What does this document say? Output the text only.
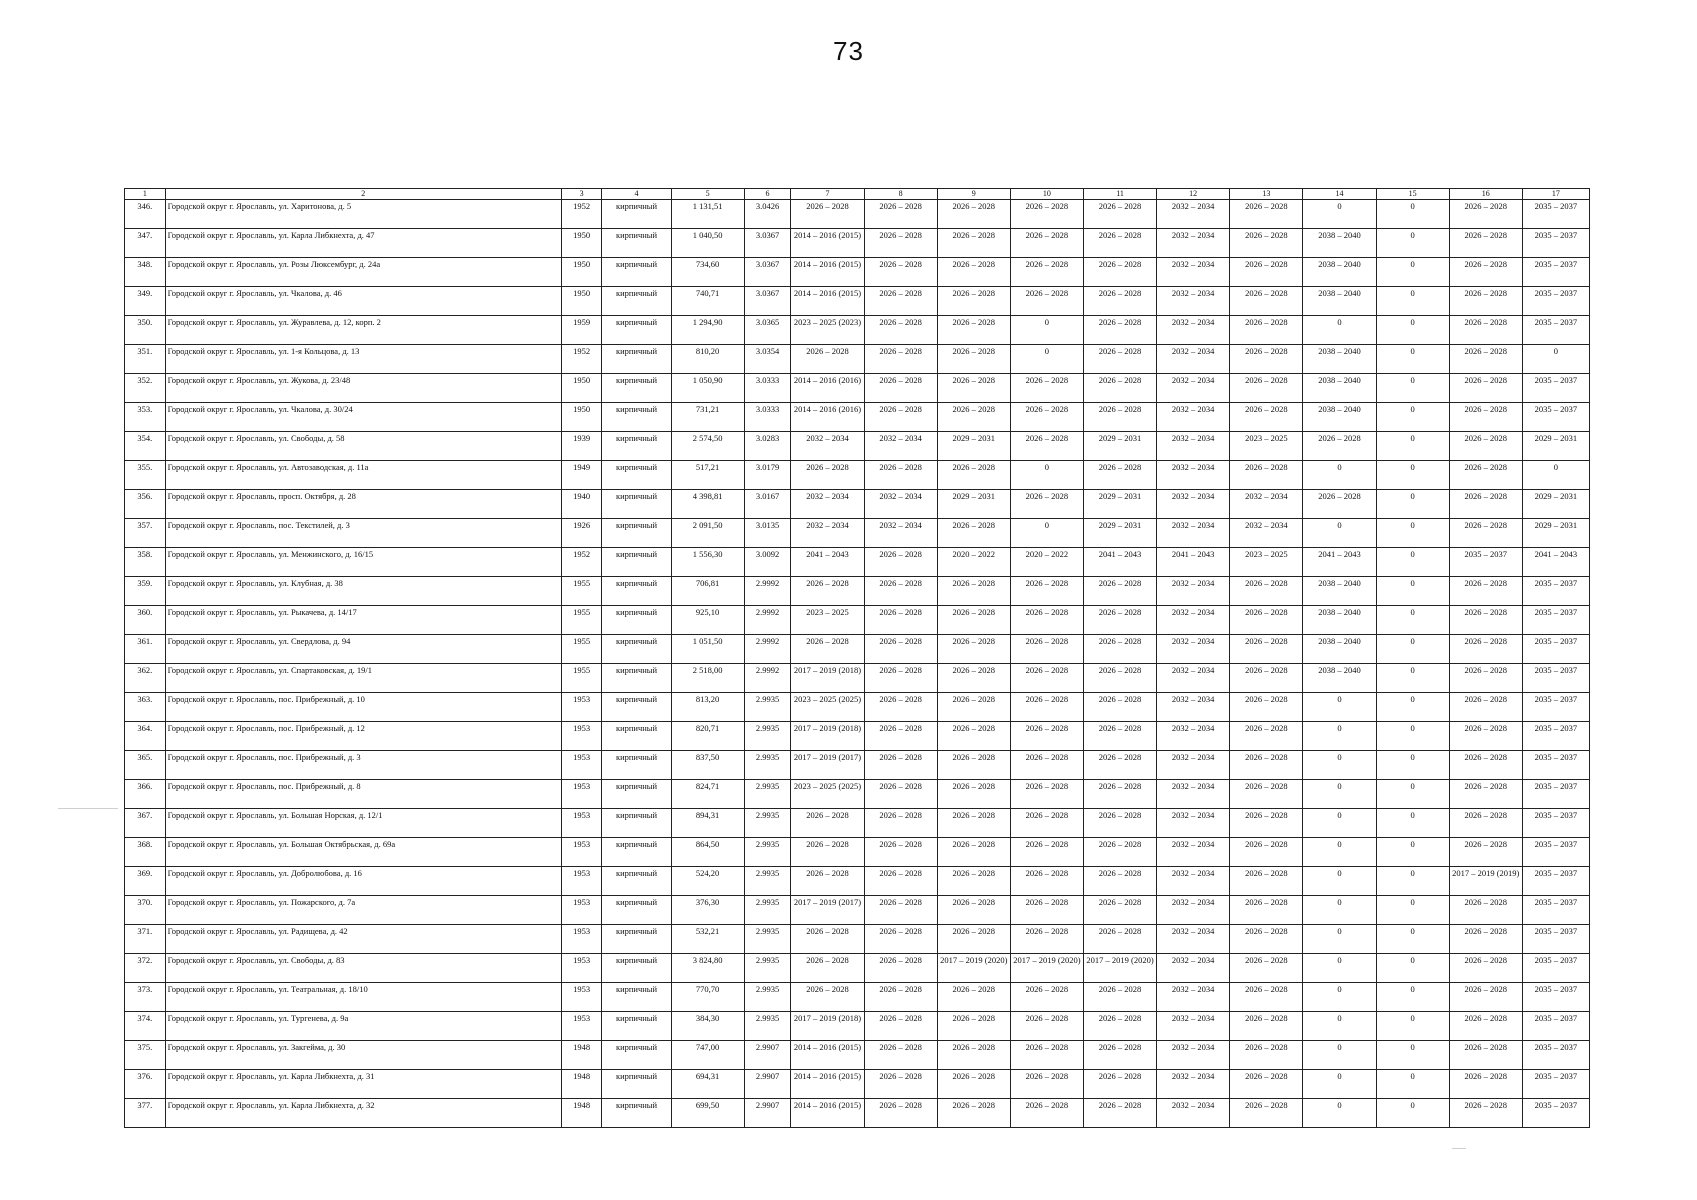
73
1	2	3	4	5	6	7	8	9	10	11	12	13	14	15	16	17
346.	Городской округ г. Ярославль, ул. Харитонова, д. 5	1952	кирпичный	1 131,51	3.0426	2026 – 2028	2026 – 2028	2026 – 2028	2026 – 2028	2026 – 2028	2032 – 2034	2026 – 2028	0	0	2026 – 2028	2035 – 2037
347.	Городской округ г. Ярославль, ул. Карла Либкнехта, д. 47	1950	кирпичный	1 040,50	3.0367	2014 – 2016 (2015)	2026 – 2028	2026 – 2028	2026 – 2028	2026 – 2028	2032 – 2034	2026 – 2028	2038 – 2040	0	2026 – 2028	2035 – 2037
348.	Городской округ г. Ярославль, ул. Розы Люксембург, д. 24а	1950	кирпичный	734,60	3.0367	2014 – 2016 (2015)	2026 – 2028	2026 – 2028	2026 – 2028	2026 – 2028	2032 – 2034	2026 – 2028	2038 – 2040	0	2026 – 2028	2035 – 2037
349.	Городской округ г. Ярославль, ул. Чкалова, д. 46	1950	кирпичный	740,71	3.0367	2014 – 2016 (2015)	2026 – 2028	2026 – 2028	2026 – 2028	2026 – 2028	2032 – 2034	2026 – 2028	2038 – 2040	0	2026 – 2028	2035 – 2037
350.	Городской округ г. Ярославль, ул. Журавлева, д. 12, корп. 2	1959	кирпичный	1 294,90	3.0365	2023 – 2025 (2023)	2026 – 2028	2026 – 2028	0	2026 – 2028	2032 – 2034	2026 – 2028	0	0	2026 – 2028	2035 – 2037
351.	Городской округ г. Ярославль, ул. 1-я Кольцова, д. 13	1952	кирпичный	810,20	3.0354	2026 – 2028	2026 – 2028	2026 – 2028	0	2026 – 2028	2032 – 2034	2026 – 2028	2038 – 2040	0	2026 – 2028	0
352.	Городской округ г. Ярославль, ул. Жукова, д. 23/48	1950	кирпичный	1 050,90	3.0333	2014 – 2016 (2016)	2026 – 2028	2026 – 2028	2026 – 2028	2026 – 2028	2032 – 2034	2026 – 2028	2038 – 2040	0	2026 – 2028	2035 – 2037
353.	Городской округ г. Ярославль, ул. Чкалова, д. 30/24	1950	кирпичный	731,21	3.0333	2014 – 2016 (2016)	2026 – 2028	2026 – 2028	2026 – 2028	2026 – 2028	2032 – 2034	2026 – 2028	2038 – 2040	0	2026 – 2028	2035 – 2037
354.	Городской округ г. Ярославль, ул. Свободы, д. 58	1939	кирпичный	2 574,50	3.0283	2032 – 2034	2032 – 2034	2029 – 2031	2026 – 2028	2029 – 2031	2032 – 2034	2023 – 2025	2026 – 2028	0	2026 – 2028	2029 – 2031
355.	Городской округ г. Ярославль, ул. Автозаводская, д. 11а	1949	кирпичный	517,21	3.0179	2026 – 2028	2026 – 2028	2026 – 2028	0	2026 – 2028	2032 – 2034	2026 – 2028	0	0	2026 – 2028	0
356.	Городской округ г. Ярославль, просп. Октября, д. 28	1940	кирпичный	4 398,81	3.0167	2032 – 2034	2032 – 2034	2029 – 2031	2026 – 2028	2029 – 2031	2032 – 2034	2032 – 2034	2026 – 2028	0	2026 – 2028	2029 – 2031
357.	Городской округ г. Ярославль, пос. Текстилей, д. 3	1926	кирпичный	2 091,50	3.0135	2032 – 2034	2032 – 2034	2026 – 2028	0	2029 – 2031	2032 – 2034	2032 – 2034	0	0	2026 – 2028	2029 – 2031
358.	Городской округ г. Ярославль, ул. Менжинского, д. 16/15	1952	кирпичный	1 556,30	3.0092	2041 – 2043	2026 – 2028	2020 – 2022	2020 – 2022	2041 – 2043	2041 – 2043	2023 – 2025	2041 – 2043	0	2035 – 2037	2041 – 2043
359.	Городской округ г. Ярославль, ул. Клубная, д. 38	1955	кирпичный	706,81	2.9992	2026 – 2028	2026 – 2028	2026 – 2028	2026 – 2028	2026 – 2028	2032 – 2034	2026 – 2028	2038 – 2040	0	2026 – 2028	2035 – 2037
360.	Городской округ г. Ярославль, ул. Рыкачева, д. 14/17	1955	кирпичный	925,10	2.9992	2023 – 2025	2026 – 2028	2026 – 2028	2026 – 2028	2026 – 2028	2032 – 2034	2026 – 2028	2038 – 2040	0	2026 – 2028	2035 – 2037
361.	Городской округ г. Ярославль, ул. Свердлова, д. 94	1955	кирпичный	1 051,50	2.9992	2026 – 2028	2026 – 2028	2026 – 2028	2026 – 2028	2026 – 2028	2032 – 2034	2026 – 2028	2038 – 2040	0	2026 – 2028	2035 – 2037
362.	Городской округ г. Ярославль, ул. Спартаковская, д. 19/1	1955	кирпичный	2 518,00	2.9992	2017 – 2019 (2018)	2026 – 2028	2026 – 2028	2026 – 2028	2026 – 2028	2032 – 2034	2026 – 2028	2038 – 2040	0	2026 – 2028	2035 – 2037
363.	Городской округ г. Ярославль, пос. Прибрежный, д. 10	1953	кирпичный	813,20	2.9935	2023 – 2025 (2025)	2026 – 2028	2026 – 2028	2026 – 2028	2026 – 2028	2032 – 2034	2026 – 2028	0	0	2026 – 2028	2035 – 2037
364.	Городской округ г. Ярославль, пос. Прибрежный, д. 12	1953	кирпичный	820,71	2.9935	2017 – 2019 (2018)	2026 – 2028	2026 – 2028	2026 – 2028	2026 – 2028	2032 – 2034	2026 – 2028	0	0	2026 – 2028	2035 – 2037
365.	Городской округ г. Ярославль, пос. Прибрежный, д. 3	1953	кирпичный	837,50	2.9935	2017 – 2019 (2017)	2026 – 2028	2026 – 2028	2026 – 2028	2026 – 2028	2032 – 2034	2026 – 2028	0	0	2026 – 2028	2035 – 2037
366.	Городской округ г. Ярославль, пос. Прибрежный, д. 8	1953	кирпичный	824,71	2.9935	2023 – 2025 (2025)	2026 – 2028	2026 – 2028	2026 – 2028	2026 – 2028	2032 – 2034	2026 – 2028	0	0	2026 – 2028	2035 – 2037
367.	Городской округ г. Ярославль, ул. Большая Норская, д. 12/1	1953	кирпичный	894,31	2.9935	2026 – 2028	2026 – 2028	2026 – 2028	2026 – 2028	2026 – 2028	2032 – 2034	2026 – 2028	0	0	2026 – 2028	2035 – 2037
368.	Городской округ г. Ярославль, ул. Большая Октябрьская, д. 69а	1953	кирпичный	864,50	2.9935	2026 – 2028	2026 – 2028	2026 – 2028	2026 – 2028	2026 – 2028	2032 – 2034	2026 – 2028	0	0	2026 – 2028	2035 – 2037
369.	Городской округ г. Ярославль, ул. Добролюбова, д. 16	1953	кирпичный	524,20	2.9935	2026 – 2028	2026 – 2028	2026 – 2028	2026 – 2028	2026 – 2028	2032 – 2034	2026 – 2028	0	0	2017 – 2019 (2019)	2035 – 2037
370.	Городской округ г. Ярославль, ул. Пожарского, д. 7а	1953	кирпичный	376,30	2.9935	2017 – 2019 (2017)	2026 – 2028	2026 – 2028	2026 – 2028	2026 – 2028	2032 – 2034	2026 – 2028	0	0	2026 – 2028	2035 – 2037
371.	Городской округ г. Ярославль, ул. Радищева, д. 42	1953	кирпичный	532,21	2.9935	2026 – 2028	2026 – 2028	2026 – 2028	2026 – 2028	2026 – 2028	2032 – 2034	2026 – 2028	0	0	2026 – 2028	2035 – 2037
372.	Городской округ г. Ярославль, ул. Свободы, д. 83	1953	кирпичный	3 824,80	2.9935	2026 – 2028	2026 – 2028	2017 – 2019 (2020)	2017 – 2019 (2020)	2017 – 2019 (2020)	2032 – 2034	2026 – 2028	0	0	2026 – 2028	2035 – 2037
373.	Городской округ г. Ярославль, ул. Театральная, д. 18/10	1953	кирпичный	770,70	2.9935	2026 – 2028	2026 – 2028	2026 – 2028	2026 – 2028	2026 – 2028	2032 – 2034	2026 – 2028	0	0	2026 – 2028	2035 – 2037
374.	Городской округ г. Ярославль, ул. Тургенева, д. 9а	1953	кирпичный	384,30	2.9935	2017 – 2019 (2018)	2026 – 2028	2026 – 2028	2026 – 2028	2026 – 2028	2032 – 2034	2026 – 2028	0	0	2026 – 2028	2035 – 2037
375.	Городской округ г. Ярославль, ул. Закгейма, д. 30	1948	кирпичный	747,00	2.9907	2014 – 2016 (2015)	2026 – 2028	2026 – 2028	2026 – 2028	2026 – 2028	2032 – 2034	2026 – 2028	0	0	2026 – 2028	2035 – 2037
376.	Городской округ г. Ярославль, ул. Карла Либкнехта, д. 31	1948	кирпичный	694,31	2.9907	2014 – 2016 (2015)	2026 – 2028	2026 – 2028	2026 – 2028	2026 – 2028	2032 – 2034	2026 – 2028	0	0	2026 – 2028	2035 – 2037
377.	Городской округ г. Ярославль, ул. Карла Либкнехта, д. 32	1948	кирпичный	699,50	2.9907	2014 – 2016 (2015)	2026 – 2028	2026 – 2028	2026 – 2028	2026 – 2028	2032 – 2034	2026 – 2028	0	0	2026 – 2028	2035 – 2037
